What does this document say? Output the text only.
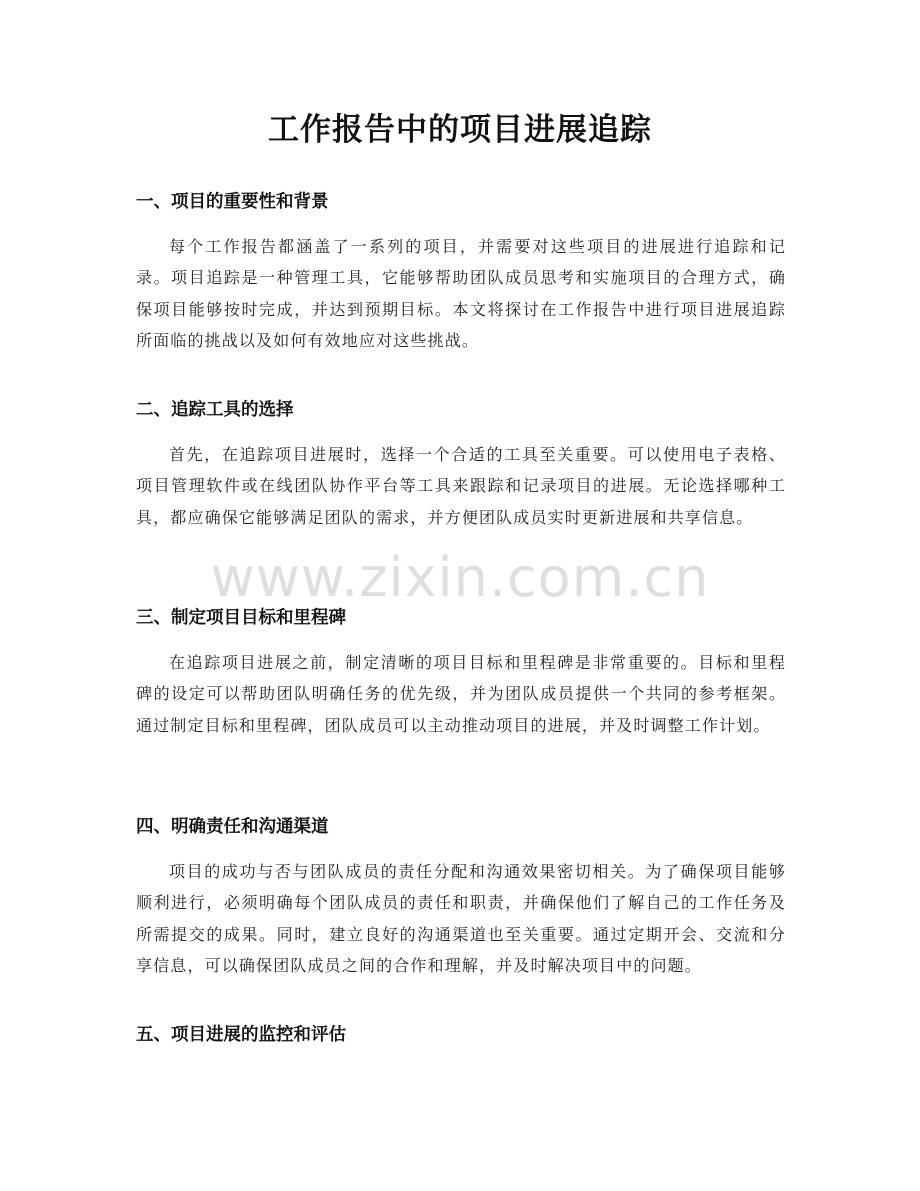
工作报告中的项目进展追踪
一、项目的重要性和背景
每个工作报告都涵盖了一系列的项目，并需要对这些项目的进展进行追踪和记录。项目追踪是一种管理工具，它能够帮助团队成员思考和实施项目的合理方式，确保项目能够按时完成，并达到预期目标。本文将探讨在工作报告中进行项目进展追踪所面临的挑战以及如何有效地应对这些挑战。
二、追踪工具的选择
首先，在追踪项目进展时，选择一个合适的工具至关重要。可以使用电子表格、项目管理软件或在线团队协作平台等工具来跟踪和记录项目的进展。无论选择哪种工具，都应确保它能够满足团队的需求，并方便团队成员实时更新进展和共享信息。
三、制定项目目标和里程碑
在追踪项目进展之前，制定清晰的项目目标和里程碑是非常重要的。目标和里程碑的设定可以帮助团队明确任务的优先级，并为团队成员提供一个共同的参考框架。通过制定目标和里程碑，团队成员可以主动推动项目的进展，并及时调整工作计划。
四、明确责任和沟通渠道
项目的成功与否与团队成员的责任分配和沟通效果密切相关。为了确保项目能够顺利进行，必须明确每个团队成员的责任和职责，并确保他们了解自己的工作任务及所需提交的成果。同时，建立良好的沟通渠道也至关重要。通过定期开会、交流和分享信息，可以确保团队成员之间的合作和理解，并及时解决项目中的问题。
五、项目进展的监控和评估
www.zixin.com.cn
